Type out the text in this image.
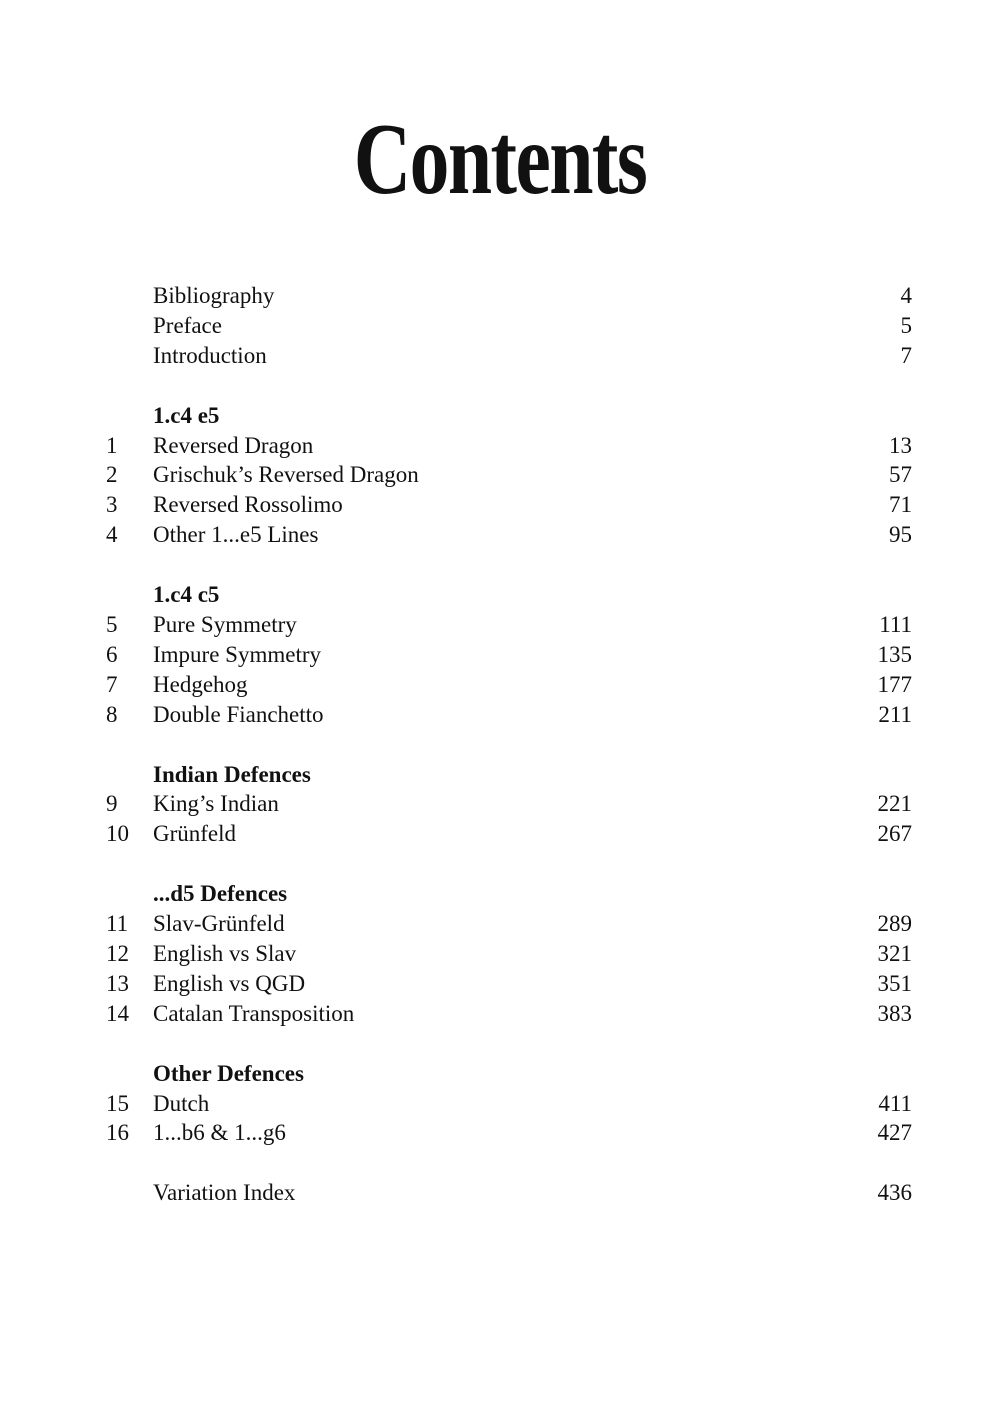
Contents
Bibliography	4
Preface	5
Introduction	7
1.c4 e5
1 Reversed Dragon	13
2 Grischuk’s Reversed Dragon	57
3 Reversed Rossolimo	71
4 Other 1...e5 Lines	95
1.c4 c5
5 Pure Symmetry	111
6 Impure Symmetry	135
7 Hedgehog	177
8 Double Fianchetto	211
Indian Defences
9 King’s Indian	221
10 Grünfeld	267
...d5 Defences
11 Slav-Grünfeld	289
12 English vs Slav	321
13 English vs QGD	351
14 Catalan Transposition	383
Other Defences
15 Dutch	411
16 1...b6 & 1...g6	427
Variation Index	436
